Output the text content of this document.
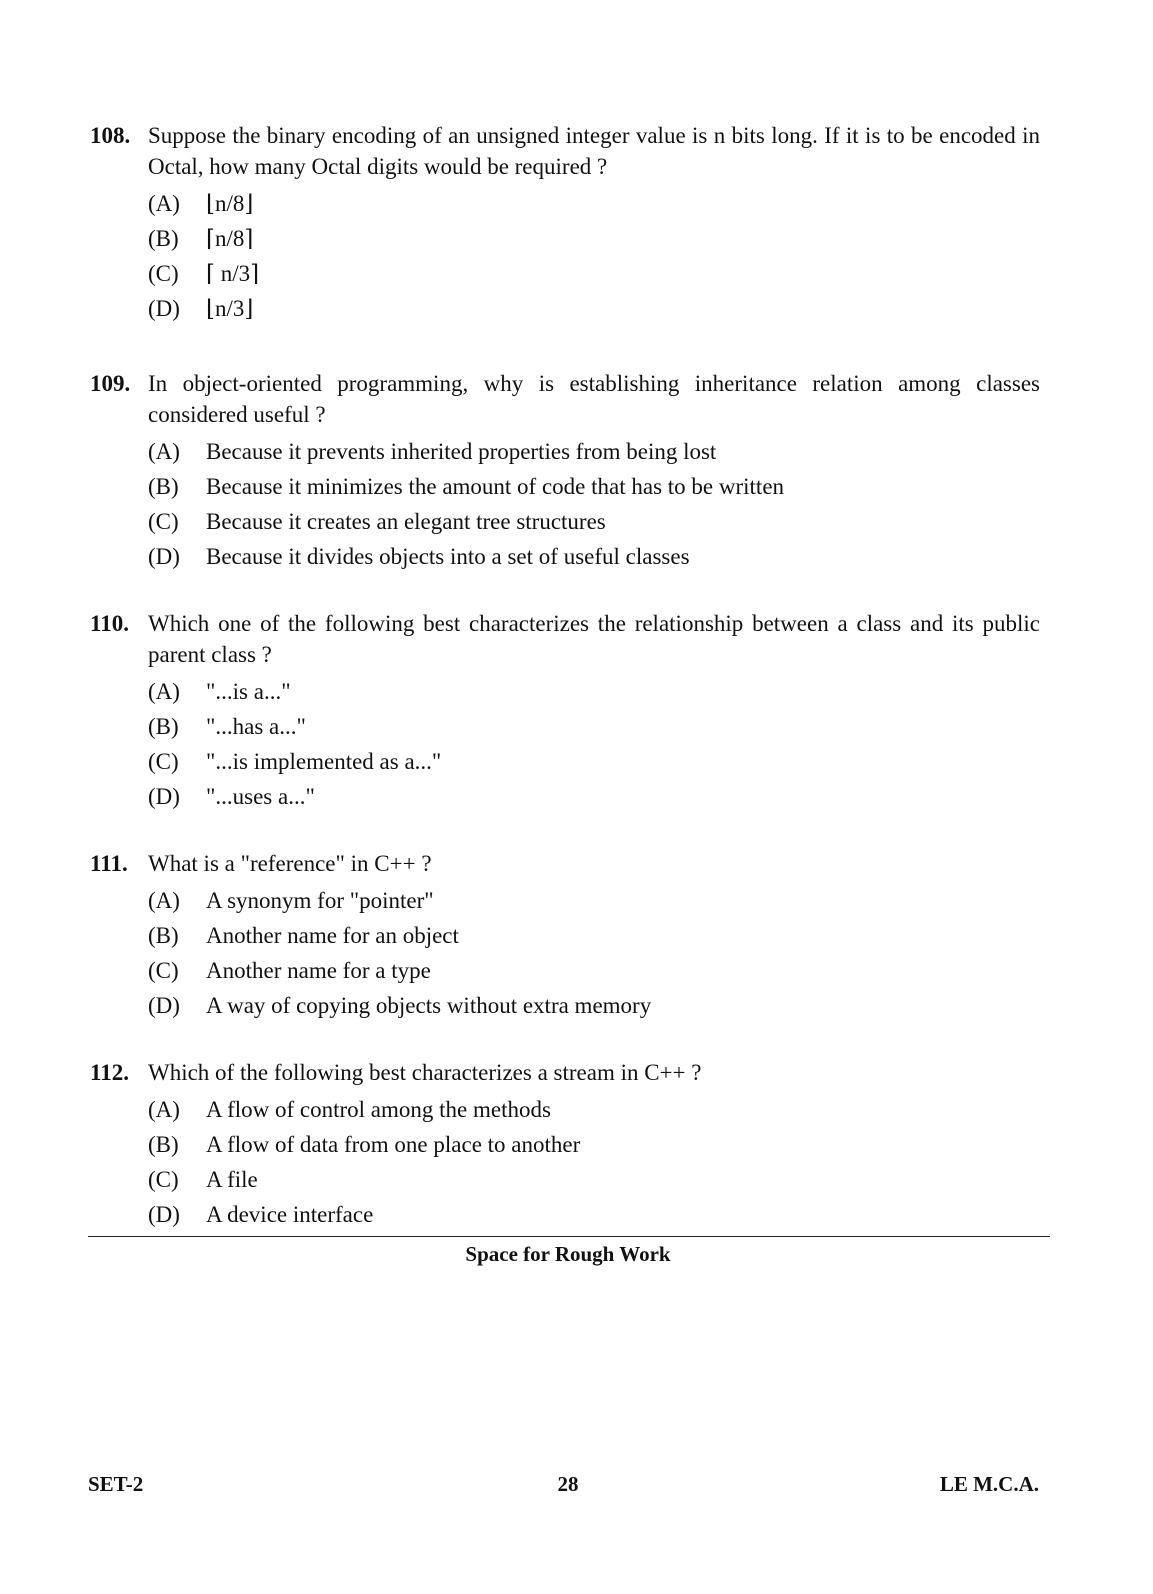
108. Suppose the binary encoding of an unsigned integer value is n bits long. If it is to be encoded in Octal, how many Octal digits would be required ?
(A)	⌊n/8⌋
(B)	⌈n/8⌉
(C)	⌈ n/3⌉
(D)	⌊n/3⌋
109. In object-oriented programming, why is establishing inheritance relation among classes considered useful ?
(A)	Because it prevents inherited properties from being lost
(B)	Because it minimizes the amount of code that has to be written
(C)	Because it creates an elegant tree structures
(D)	Because it divides objects into a set of useful classes
110. Which one of the following best characterizes the relationship between a class and its public parent class ?
(A)	"...is a..."
(B)	"...has a..."
(C)	"...is implemented as a..."
(D)	"...uses a..."
111. What is a "reference" in C++ ?
(A)	A synonym for "pointer"
(B)	Another name for an object
(C)	Another name for a type
(D)	A way of copying objects without extra memory
112. Which of the following best characterizes a stream in C++ ?
(A)	A flow of control among the methods
(B)	A flow of data from one place to another
(C)	A file
(D)	A device interface
Space for Rough Work
SET-2	28	LE M.C.A.
